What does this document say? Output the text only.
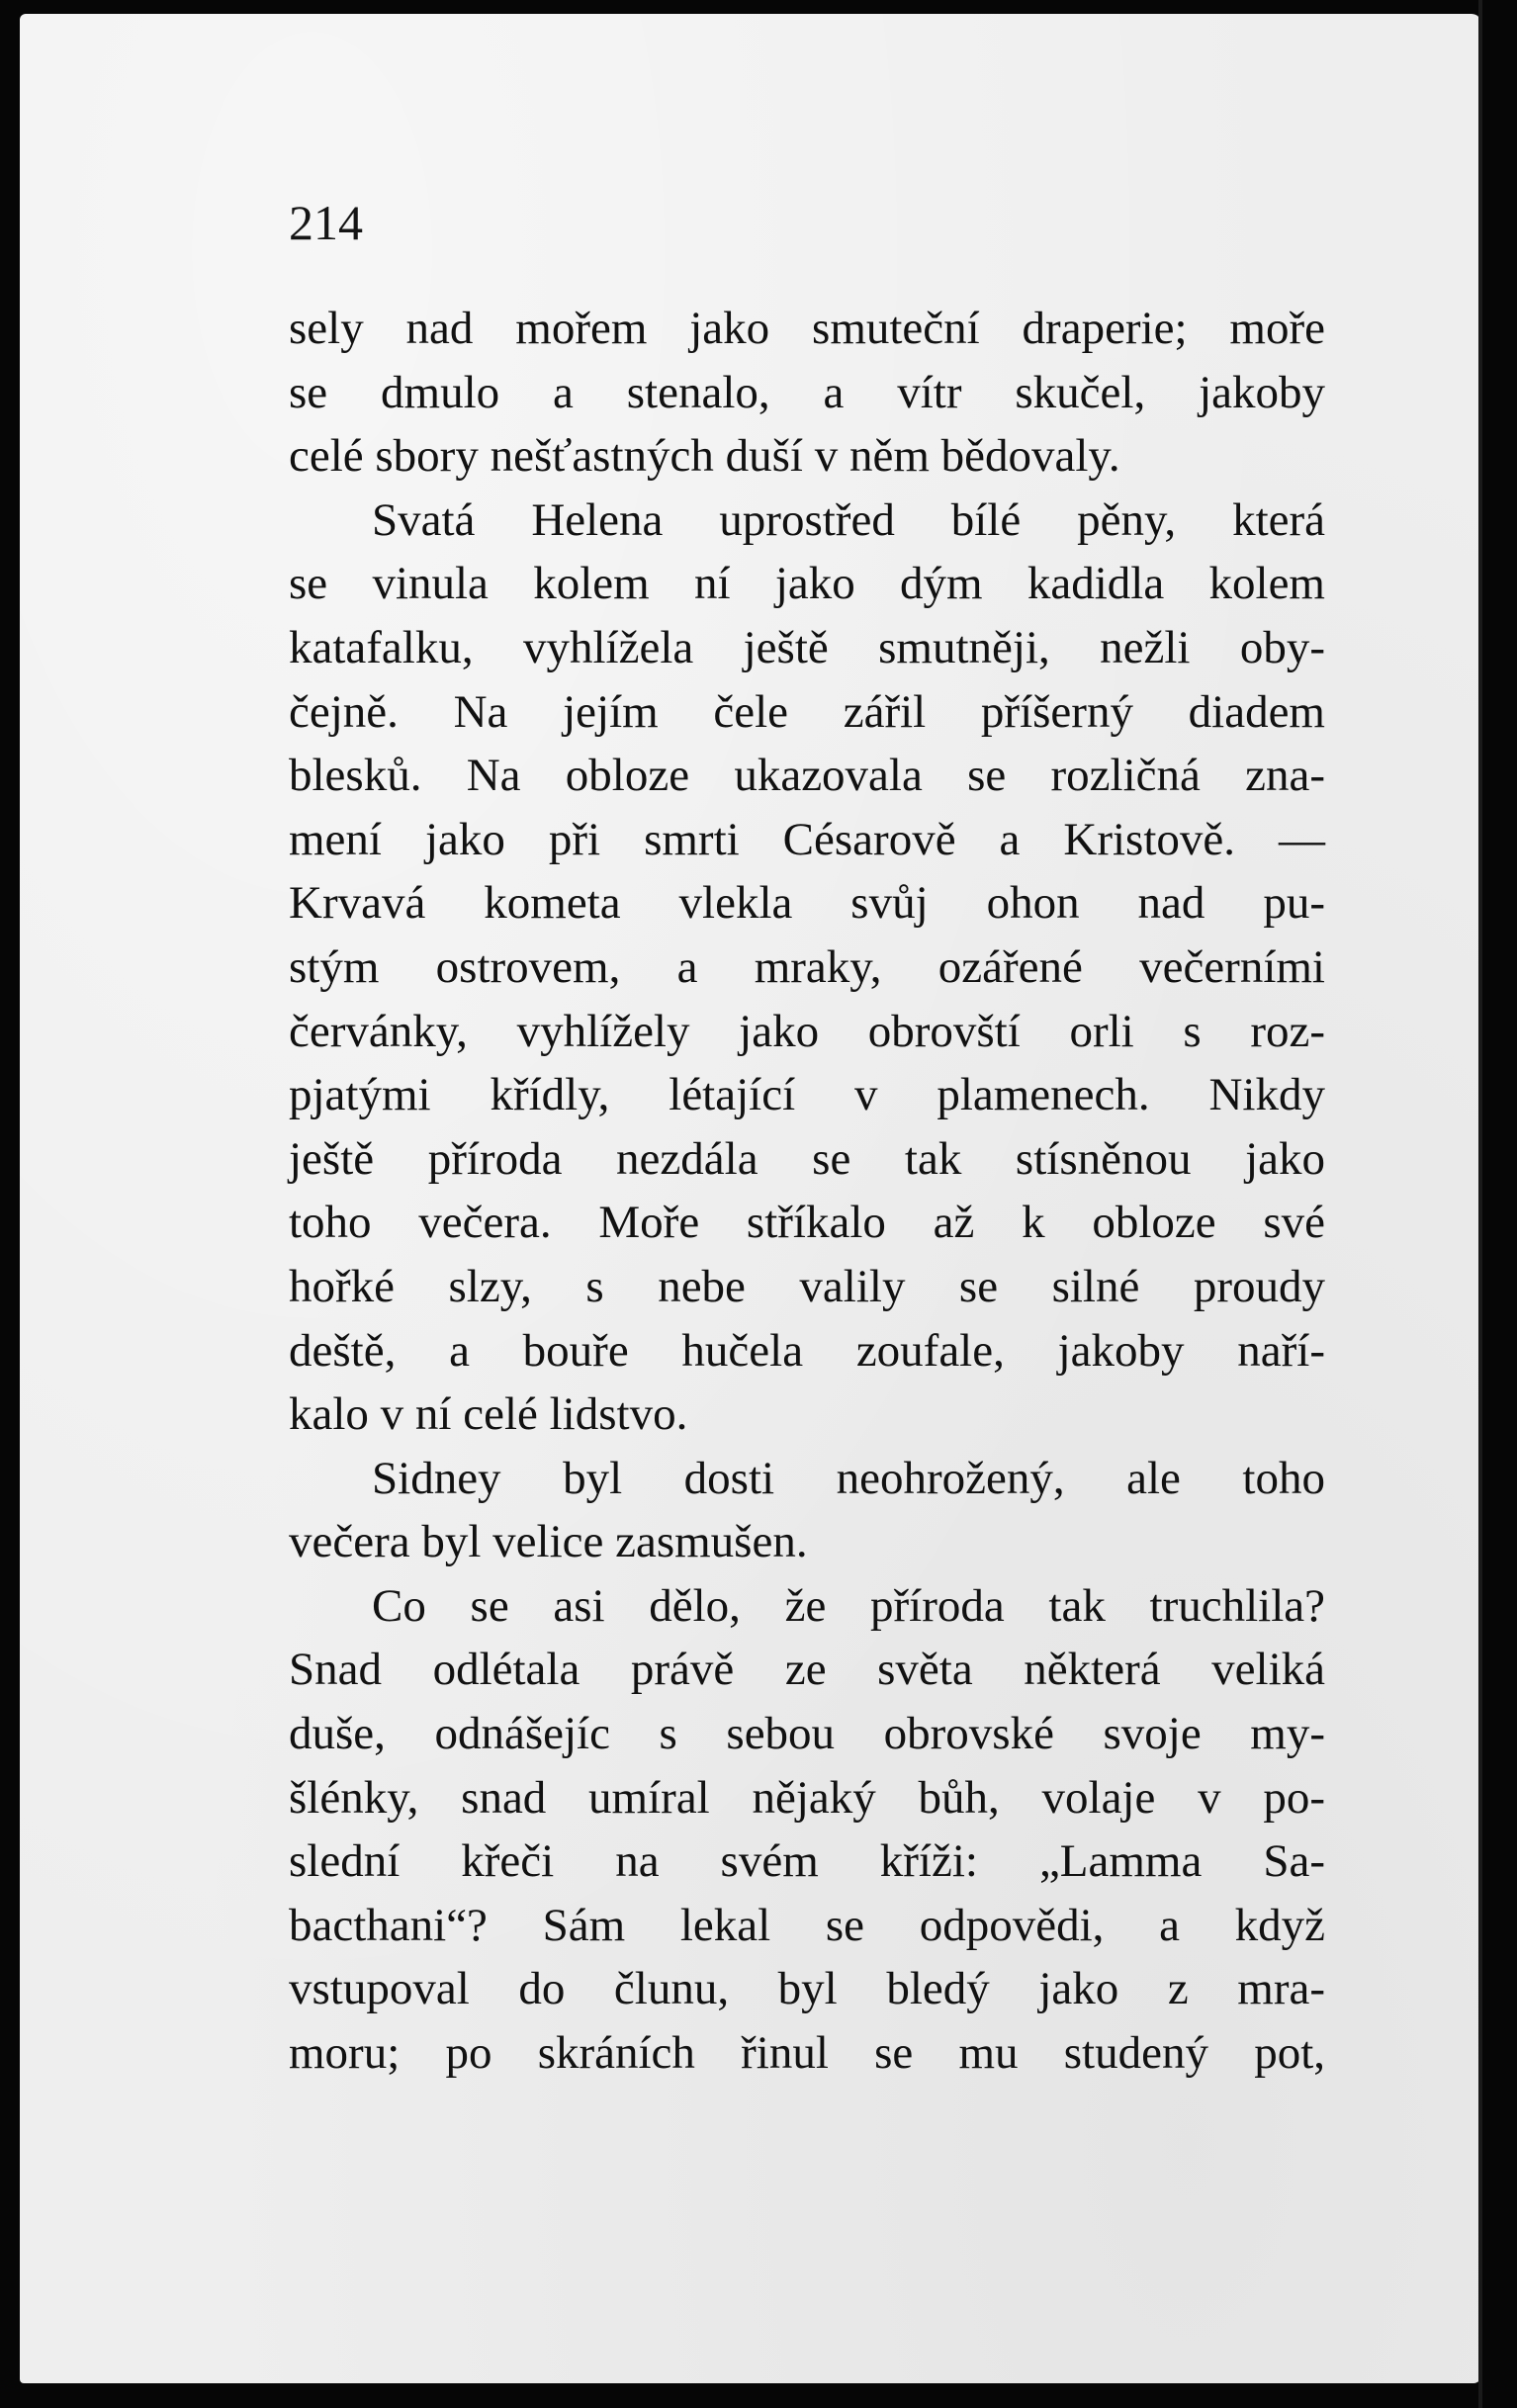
214

sely nad mořem jako smuteční draperie; moře
se dmulo a stenalo, a vítr skučel, jakoby
celé sbory nešťastných duší v něm bědovaly.
Svatá Helena uprostřed bílé pěny, která
se vinula kolem ní jako dým kadidla kolem
katafalku, vyhlížela ještě smutněji, nežli oby-
čejně. Na jejím čele zářil příšerný diadem
blesků. Na obloze ukazovala se rozličná zna-
mení jako při smrti Césarově a Kristově. —
Krvavá kometa vlekla svůj ohon nad pu-
stým ostrovem, a mraky, ozářené večerními
červánky, vyhlížely jako obrovští orli s roz-
pjatými křídly, létající v plamenech. Nikdy
ještě příroda nezdála se tak stísněnou jako
toho večera. Moře stříkalo až k obloze své
hořké slzy, s nebe valily se silné proudy
deště, a bouře hučela zoufale, jakoby naří-
kalo v ní celé lidstvo.
Sidney byl dosti neohrožený, ale toho
večera byl velice zasmušen.
Co se asi dělo, že příroda tak truchlila?
Snad odlétala právě ze světa některá veliká
duše, odnášejíc s sebou obrovské svoje my-
šlénky, snad umíral nějaký bůh, volaje v po-
slední křeči na svém kříži: „Lamma Sa-
bacthani“? Sám lekal se odpovědi, a když
vstupoval do člunu, byl bledý jako z mra-
moru; po skráních řinul se mu studený pot,
